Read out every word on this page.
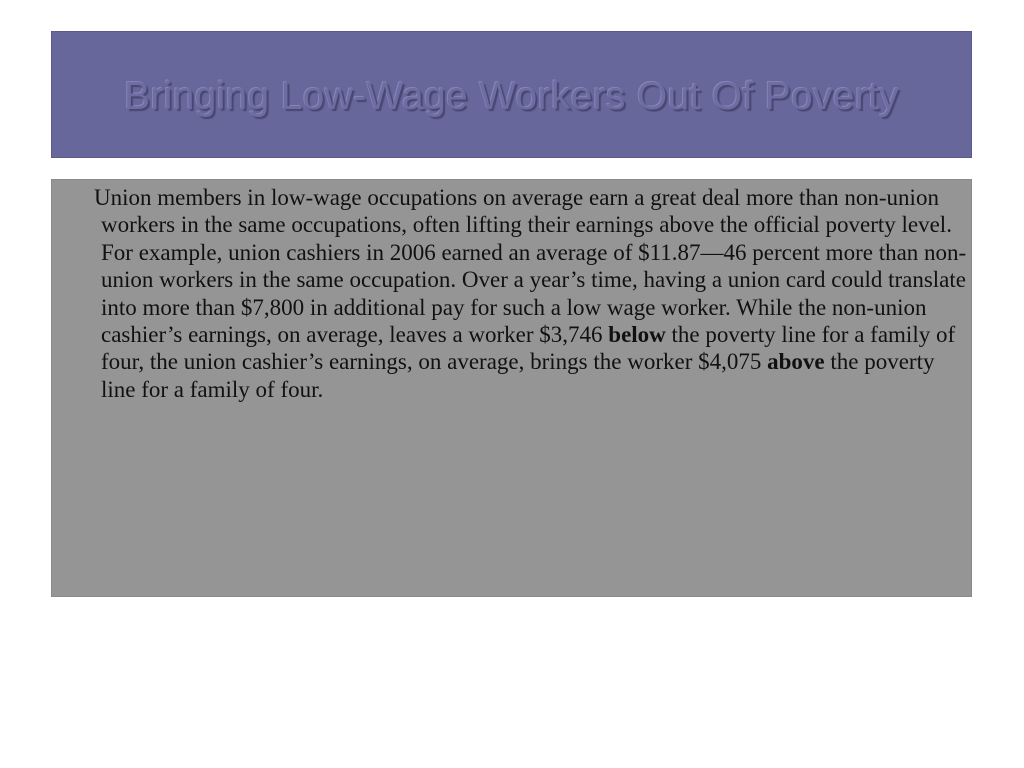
Bringing Low-Wage Workers Out Of Poverty

Union members in low-wage occupations on average earn a great deal more than non-union workers in the same occupations, often lifting their earnings above the official poverty level. For example, union cashiers in 2006 earned an average of $11.87—46 percent more than non-union workers in the same occupation. Over a year’s time, having a union card could translate into more than $7,800 in additional pay for such a low wage worker. While the non-union cashier’s earnings, on average, leaves a worker $3,746 below the poverty line for a family of four, the union cashier’s earnings, on average, brings the worker $4,075 above the poverty line for a family of four.
